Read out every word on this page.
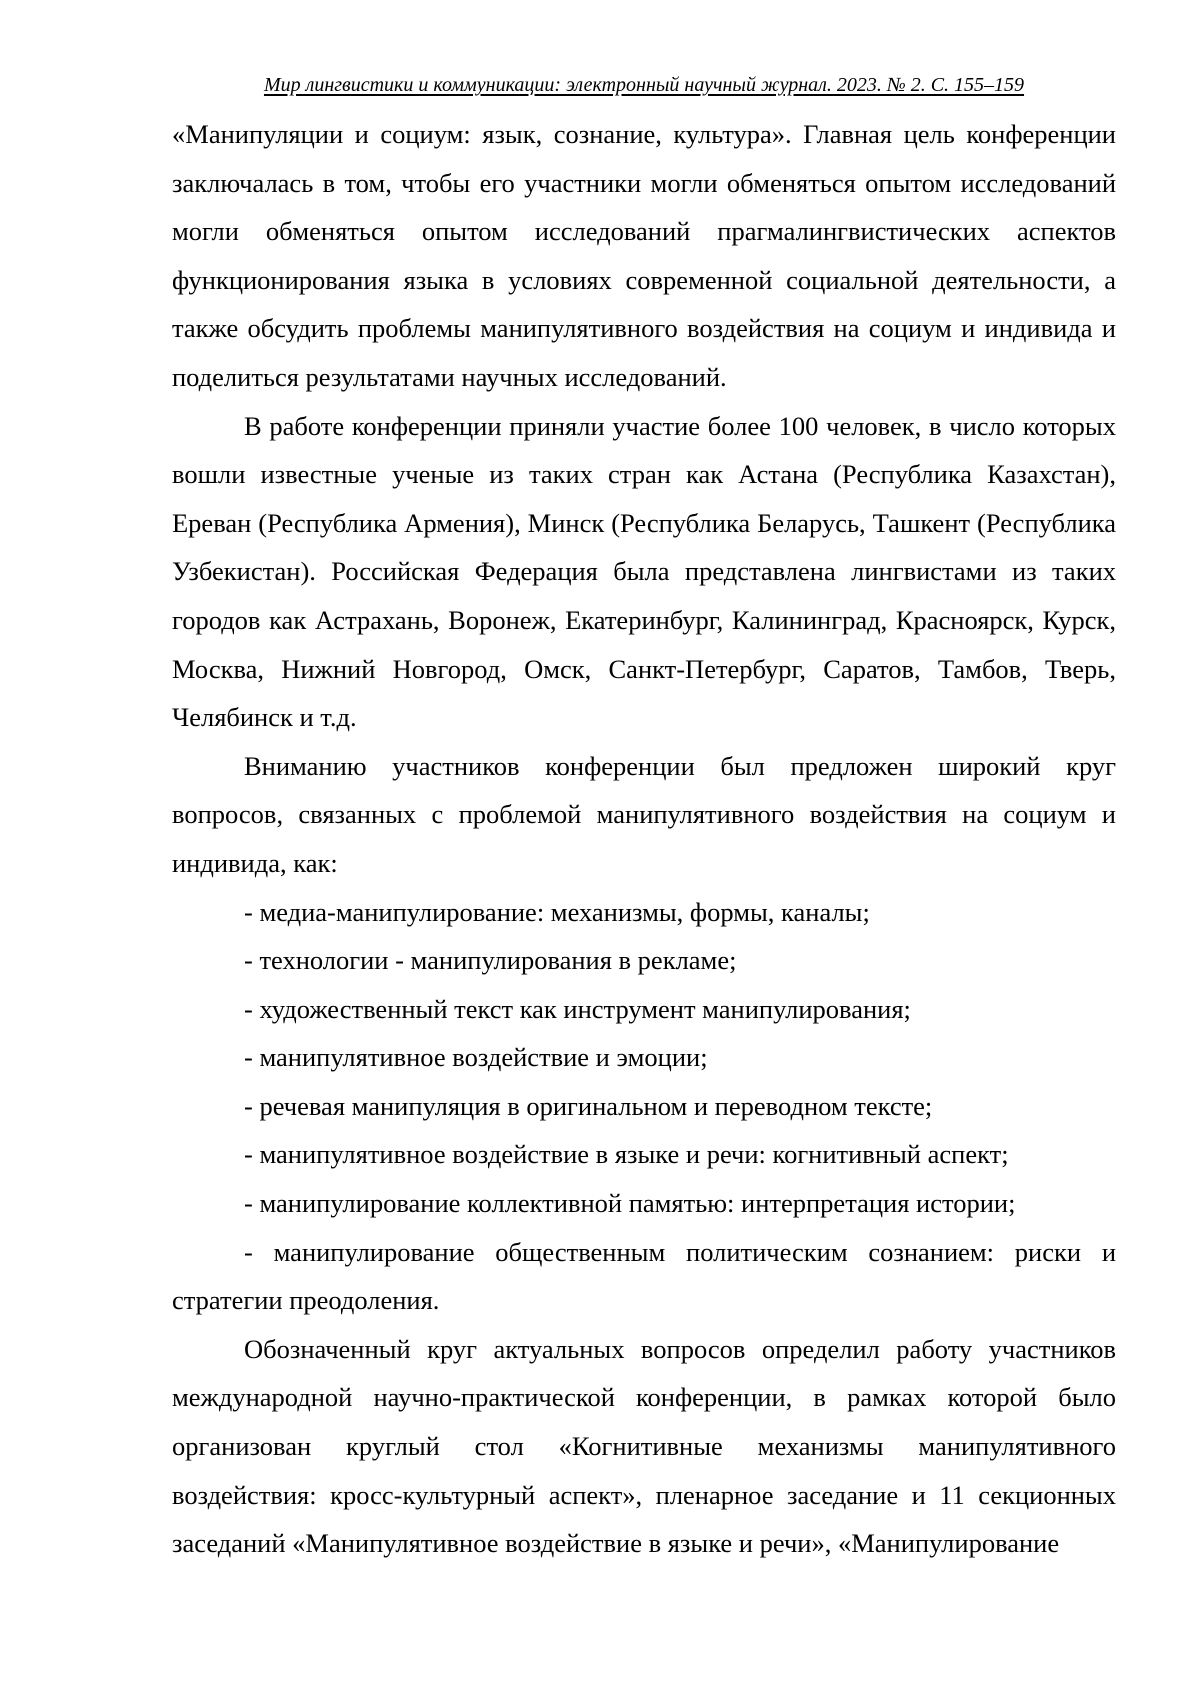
Мир лингвистики и коммуникации: электронный научный журнал. 2023. № 2. С. 155–159

«Манипуляции и социум: язык, сознание, культура». Главная цель конференции заключалась в том, чтобы его участники могли обменяться опытом исследований могли обменяться опытом исследований прагмалингвистических аспектов функционирования языка в условиях современной социальной деятельности, а также обсудить проблемы манипулятивного воздействия на социум и индивида и поделиться результатами научных исследований.

В работе конференции приняли участие более 100 человек, в число которых вошли известные ученые из таких стран как Астана (Республика Казахстан), Ереван (Республика Армения), Минск (Республика Беларусь, Ташкент (Республика Узбекистан). Российская Федерация была представлена лингвистами из таких городов как Астрахань, Воронеж, Екатеринбург, Калининград, Красноярск, Курск, Москва, Нижний Новгород, Омск, Санкт-Петербург, Саратов, Тамбов, Тверь, Челябинск и т.д.

Вниманию участников конференции был предложен широкий круг вопросов, связанных с проблемой манипулятивного воздействия на социум и индивида, как:

- медиа-манипулирование: механизмы, формы, каналы;

- технологии - манипулирования в рекламе;

- художественный текст как инструмент манипулирования;

- манипулятивное воздействие и эмоции;

- речевая манипуляция в оригинальном и переводном тексте;

- манипулятивное воздействие в языке и речи: когнитивный аспект;

- манипулирование коллективной памятью: интерпретация истории;

- манипулирование общественным политическим сознанием: риски и стратегии преодоления.

Обозначенный круг актуальных вопросов определил работу участников международной научно-практической конференции, в рамках которой было организован круглый стол «Когнитивные механизмы манипулятивного воздействия: кросс-культурный аспект», пленарное заседание и 11 секционных заседаний «Манипулятивное воздействие в языке и речи», «Манипулирование
